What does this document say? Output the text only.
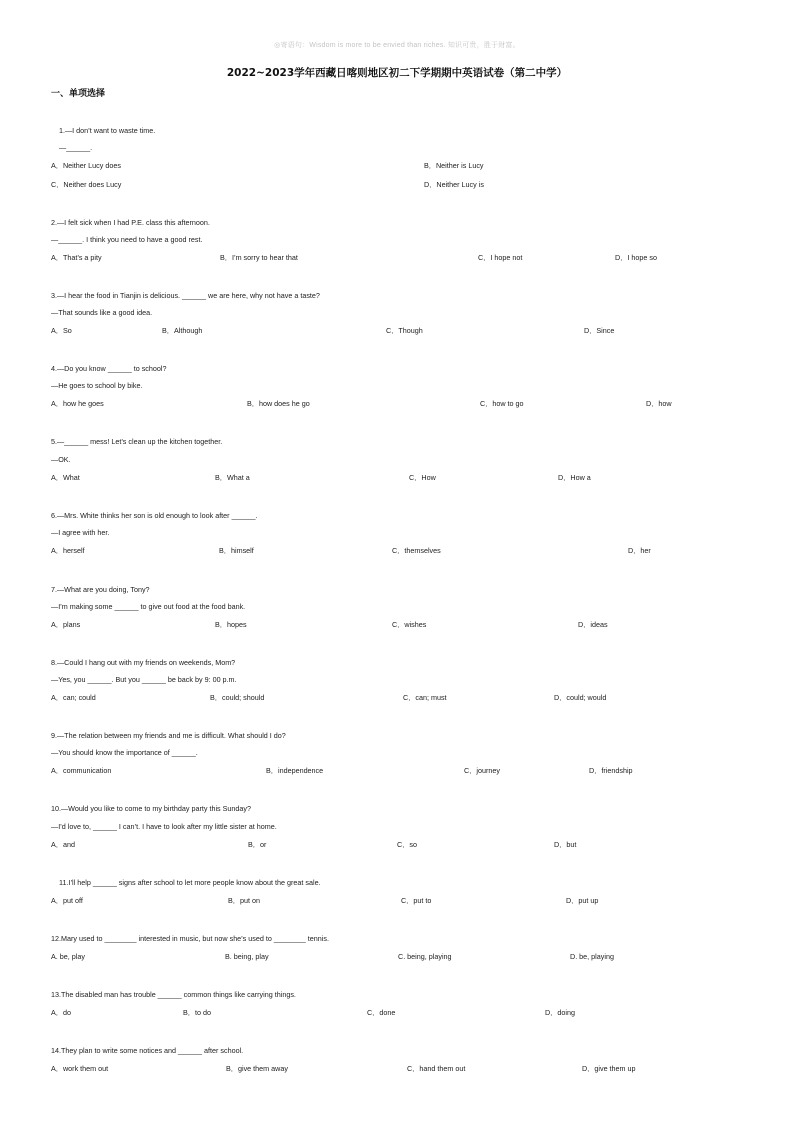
◎寄语句：Wisdom is more to be envied than riches. 知识可贵，胜于财富。
2022~2023学年西藏日喀则地区初二下学期期中英语试卷（第二中学）
一、单项选择
1.—I don’t want to waste time.
—______.
A．Neither Lucy does	B．Neither is Lucy
C．Neither does Lucy	D．Neither Lucy is
2.—I felt sick when I had P.E. class this afternoon.
—______. I think you need to have a good rest.
A．That’s a pity	B．I’m sorry to hear that	C．I hope not	D．I hope so
3.—I hear the food in Tianjin is delicious. ______ we are here, why not have a taste?
—That sounds like a good idea.
A．So	B．Although	C．Though	D．Since
4.—Do you know ______ to school?
—He goes to school by bike.
A．how he goes	B．how does he go	C．how to go	D．how
5.—______ mess! Let’s clean up the kitchen together.
—OK.
A．What	B．What a	C．How	D．How a
6.—Mrs. White thinks her son is old enough to look after ______.
—I agree with her.
A．herself	B．himself	C．themselves	D．her
7.—What are you doing, Tony?
—I’m making some ______ to give out food at the food bank.
A．plans	B．hopes	C．wishes	D．ideas
8.—Could I hang out with my friends on weekends, Mom?
—Yes, you ______. But you ______ be back by 9: 00 p.m.
A．can; could	B．could; should	C．can; must	D．could; would
9.—The relation between my friends and me is difficult. What should I do?
—You should know the importance of ______.
A．communication	B．independence	C．journey	D．friendship
10.—Would you like to come to my birthday party this Sunday?
—I’d love to, ______ I can’t. I have to look after my little sister at home.
A．and	B．or	C．so	D．but
11.I’ll help ______ signs after school to let more people know about the great sale.
A．put off	B．put on	C．put to	D．put up
12.Mary used to ________ interested in music, but now she’s used to ________ tennis.
A. be, play	B. being, play	C. being, playing	D. be, playing
13.The disabled man has trouble ______ common things like carrying things.
A．do	B．to do	C．done	D．doing
14.They plan to write some notices and ______ after school.
A．work them out	B．give them away	C．hand them out	D．give them up
